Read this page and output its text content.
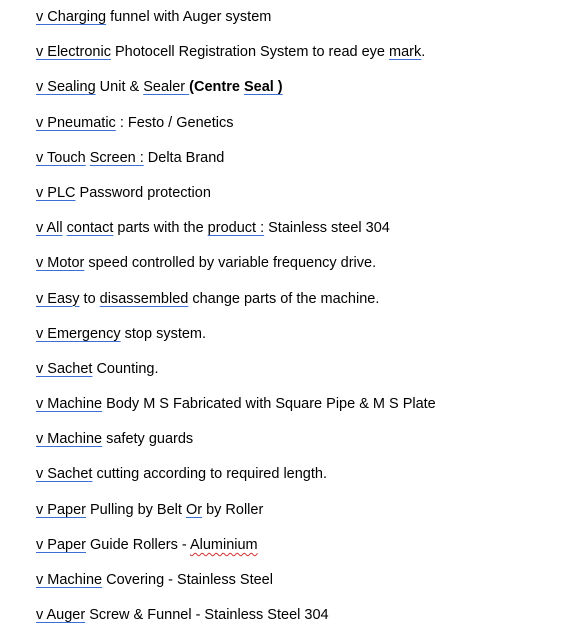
v Charging funnel with Auger system
v Electronic Photocell Registration System to read eye mark.
v Sealing Unit & Sealer (Centre Seal )
v Pneumatic : Festo / Genetics
v Touch Screen : Delta Brand
v PLC Password protection
v All contact parts with the product : Stainless steel 304
v Motor speed controlled by variable frequency drive.
v Easy to disassembled change parts of the machine.
v Emergency stop system.
v Sachet Counting.
v Machine Body M S Fabricated with Square Pipe & M S Plate
v Machine safety guards
v Sachet cutting according to required length.
v Paper Pulling by Belt Or by Roller
v Paper Guide Rollers - Aluminium
v Machine Covering - Stainless Steel
v Auger Screw & Funnel - Stainless Steel 304
